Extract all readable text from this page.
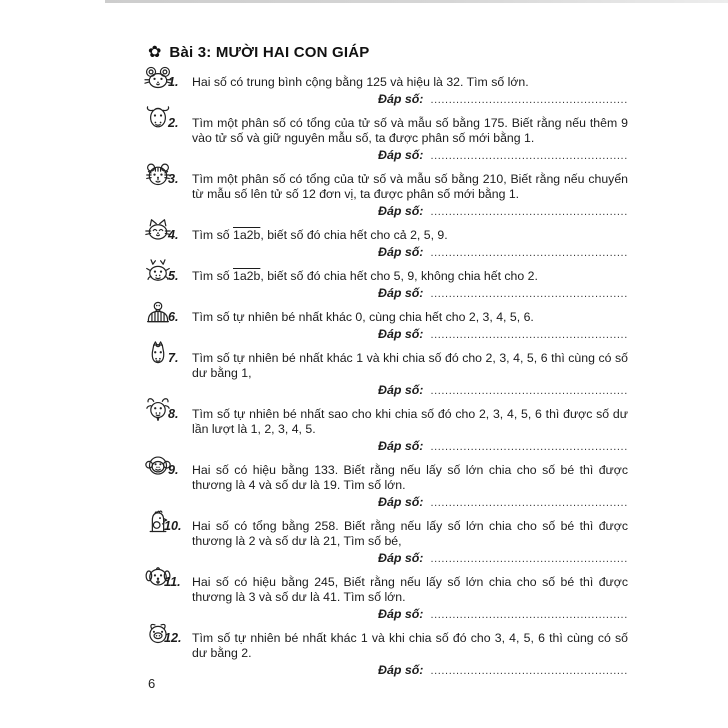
✿ Bài 3: MƯỜI HAI CON GIÁP
1. Hai số có trung bình cộng bằng 125 và hiệu là 32. Tìm số lớn.
Đáp số: ......................................................
2. Tìm một phân số có tổng của tử số và mẫu số bằng 175. Biết rằng nếu thêm 9 vào tử số và giữ nguyên mẫu số, ta được phân số mới bằng 1.
Đáp số: ......................................................
3. Tìm một phân số có tổng của tử số và mẫu số bằng 210, Biết rằng nếu chuyển từ mẫu số lên tử số 12 đơn vị, ta được phân số mới bằng 1.
Đáp số: ......................................................
4. Tìm số 1a2b, biết số đó chia hết cho cả 2, 5, 9.
Đáp số: ......................................................
5. Tìm số 1a2b, biết số đó chia hết cho 5, 9, không chia hết cho 2.
Đáp số: ......................................................
6. Tìm số tự nhiên bé nhất khác 0, cùng chia hết cho 2, 3, 4, 5, 6.
Đáp số: ......................................................
7. Tìm số tự nhiên bé nhất khác 1 và khi chia số đó cho 2, 3, 4, 5, 6 thì cùng có số dư bằng 1,
Đáp số: ......................................................
8. Tìm số tự nhiên bé nhất sao cho khi chia số đó cho 2, 3, 4, 5, 6 thì được số dư lần lượt là 1, 2, 3, 4, 5.
Đáp số: ......................................................
9. Hai số có hiệu bằng 133. Biết rằng nếu lấy số lớn chia cho số bé thì được thương là 4 và số dư là 19. Tìm số lớn.
Đáp số: ......................................................
10. Hai số có tổng bằng 258. Biết rằng nếu lấy số lớn chia cho số bé thì được thương là 2 và số dư là 21, Tìm số bé,
Đáp số: ......................................................
11. Hai số có hiệu bằng 245, Biết rằng nếu lấy số lớn chia cho số bé thì được thương là 3 và số dư là 41. Tìm số lớn.
Đáp số: ......................................................
12. Tìm số tự nhiên bé nhất khác 1 và khi chia số đó cho 3, 4, 5, 6 thì cùng có số dư bằng 2.
Đáp số: ......................................................
6
